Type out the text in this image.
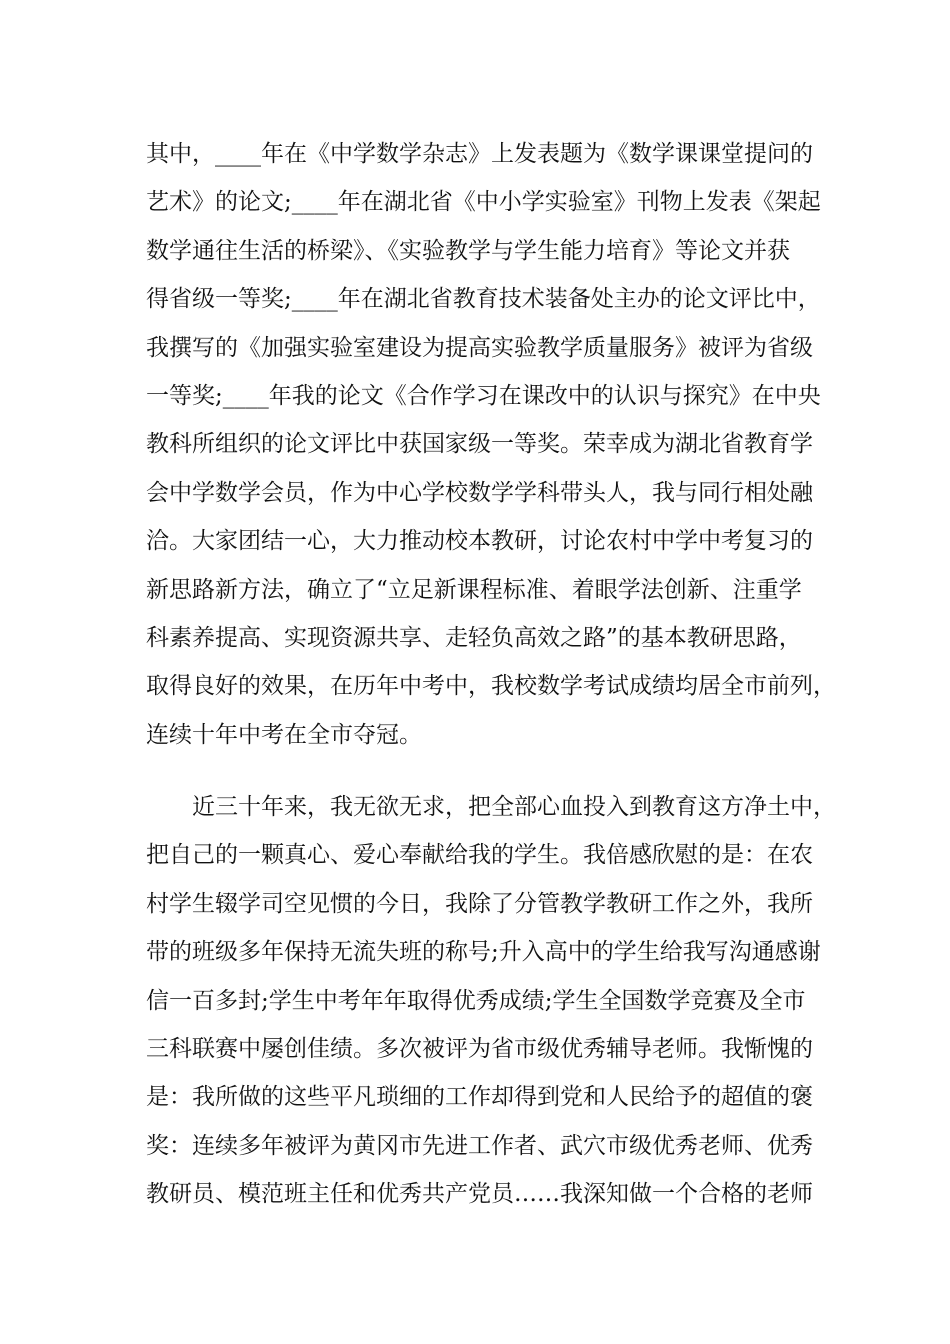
其中，____年在《中学数学杂志》上发表题为《数学课课堂提问的
艺术》的论文;____年在湖北省《中小学实验室》刊物上发表《架起
数学通往生活的桥梁》、《实验教学与学生能力培育》等论文并获
得省级一等奖;____年在湖北省教育技术装备处主办的论文评比中，
我撰写的《加强实验室建设为提高实验教学质量服务》被评为省级
一等奖;____年我的论文《合作学习在课改中的认识与探究》在中央
教科所组织的论文评比中获国家级一等奖。荣幸成为湖北省教育学
会中学数学会员，作为中心学校数学学科带头人，我与同行相处融
洽。大家团结一心，大力推动校本教研，讨论农村中学中考复习的
新思路新方法，确立了“立足新课程标准、着眼学法创新、注重学
科素养提高、实现资源共享、走轻负高效之路”的基本教研思路，
取得良好的效果，在历年中考中，我校数学考试成绩均居全市前列，
连续十年中考在全市夺冠。
近三十年来，我无欲无求，把全部心血投入到教育这方净土中，
把自己的一颗真心、爱心奉献给我的学生。我倍感欣慰的是：在农
村学生辍学司空见惯的今日，我除了分管教学教研工作之外，我所
带的班级多年保持无流失班的称号;升入高中的学生给我写沟通感谢
信一百多封;学生中考年年取得优秀成绩;学生全国数学竞赛及全市
三科联赛中屡创佳绩。多次被评为省市级优秀辅导老师。我惭愧的
是：我所做的这些平凡琐细的工作却得到党和人民给予的超值的褒
奖：连续多年被评为黄冈市先进工作者、武穴市级优秀老师、优秀
教研员、模范班主任和优秀共产党员……我深知做一个合格的老师
